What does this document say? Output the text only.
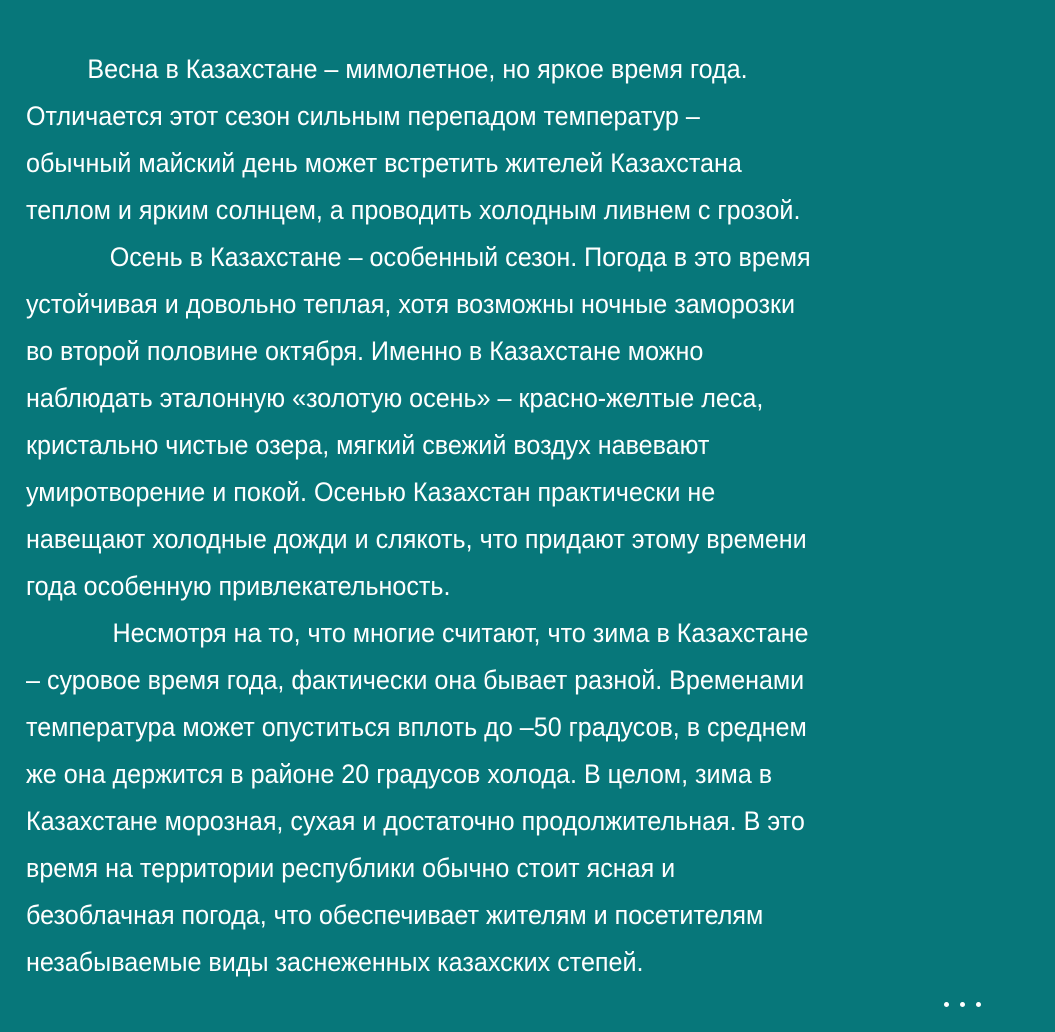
Весна в Казахстане – мимолетное, но яркое время года.
Отличается этот сезон сильным перепадом температур –
обычный майский день может встретить жителей Казахстана
теплом и ярким солнцем, а проводить холодным ливнем с грозой.
Осень в Казахстане – особенный сезон. Погода в это время
устойчивая и довольно теплая, хотя возможны ночные заморозки
во второй половине октября. Именно в Казахстане можно
наблюдать эталонную «золотую осень» – красно-желтые леса,
кристально чистые озера, мягкий свежий воздух навевают
умиротворение и покой. Осенью Казахстан практически не
навещают холодные дожди и слякоть, что придают этому времени
года особенную привлекательность.
Несмотря на то, что многие считают, что зима в Казахстане
– суровое время года, фактически она бывает разной. Временами
температура может опуститься вплоть до –50 градусов, в среднем
же она держится в районе 20 градусов холода. В целом, зима в
Казахстане морозная, сухая и достаточно продолжительная. В это
время на территории республики обычно стоит ясная и
безоблачная погода, что обеспечивает жителям и посетителям
незабываемые виды заснеженных казахских степей.
